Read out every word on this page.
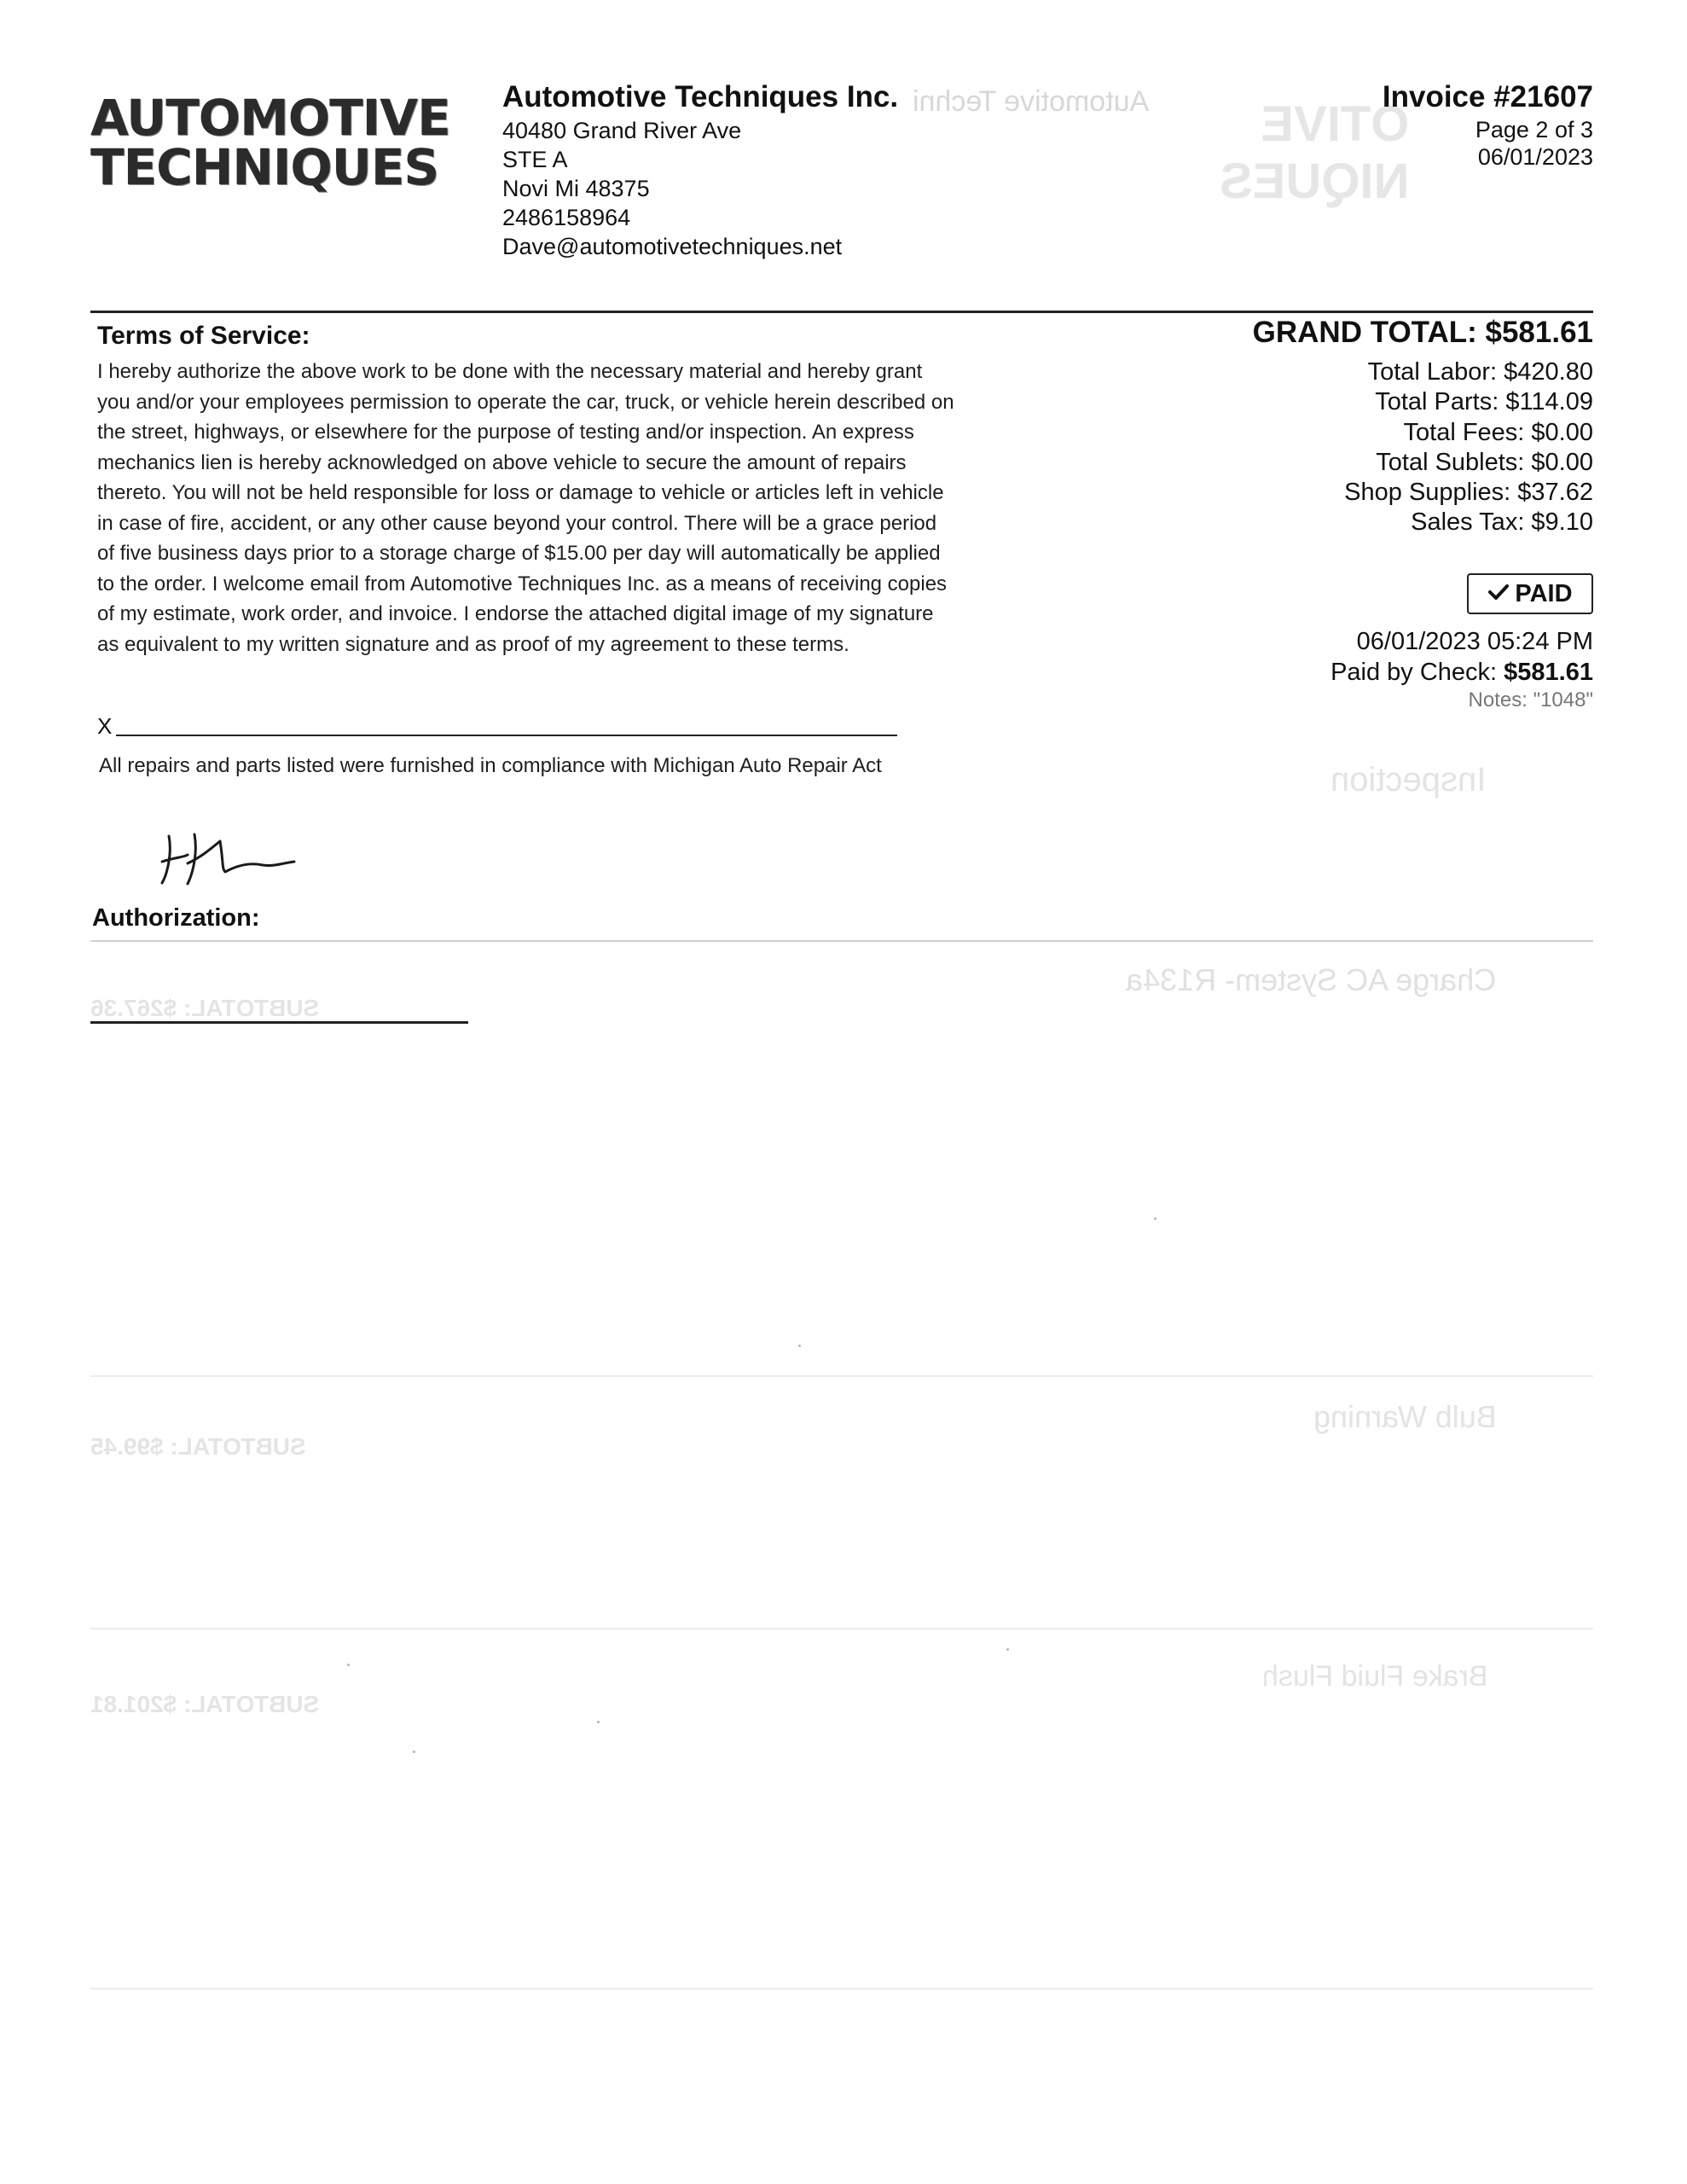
Automotive Techni	OTIVE
NIQUES
Inspection
Charge AC System- R134a
Bulb Warning
Brake Fluid Flush
SUBTOTAL: $267.36
SUBTOTAL: $99.45
SUBTOTAL: $201.81
AUTOMOTIVE
TECHNIQUES
Automotive Techniques Inc.
40480 Grand River Ave
STE A
Novi Mi 48375
2486158964
Dave@automotivetechniques.net
Invoice #21607
Page 2 of 3
06/01/2023
Terms of Service:
I hereby authorize the above work to be done with the necessary material and hereby grant you and/or your employees permission to operate the car, truck, or vehicle herein described on the street, highways, or elsewhere for the purpose of testing and/or inspection. An express mechanics lien is hereby acknowledged on above vehicle to secure the amount of repairs thereto. You will not be held responsible for loss or damage to vehicle or articles left in vehicle in case of fire, accident, or any other cause beyond your control. There will be a grace period of five business days prior to a storage charge of $15.00 per day will automatically be applied to the order. I welcome email from Automotive Techniques Inc. as a means of receiving copies of my estimate, work order, and invoice. I endorse the attached digital image of my signature as equivalent to my written signature and as proof of my agreement to these terms.
X
All repairs and parts listed were furnished in compliance with Michigan Auto Repair Act
Authorization:
GRAND TOTAL: $581.61
Total Labor: $420.80
Total Parts: $114.09
Total Fees: $0.00
Total Sublets: $0.00
Shop Supplies: $37.62
Sales Tax: $9.10
PAID
06/01/2023 05:24 PM
Paid by Check: $581.61
Notes: "1048"
